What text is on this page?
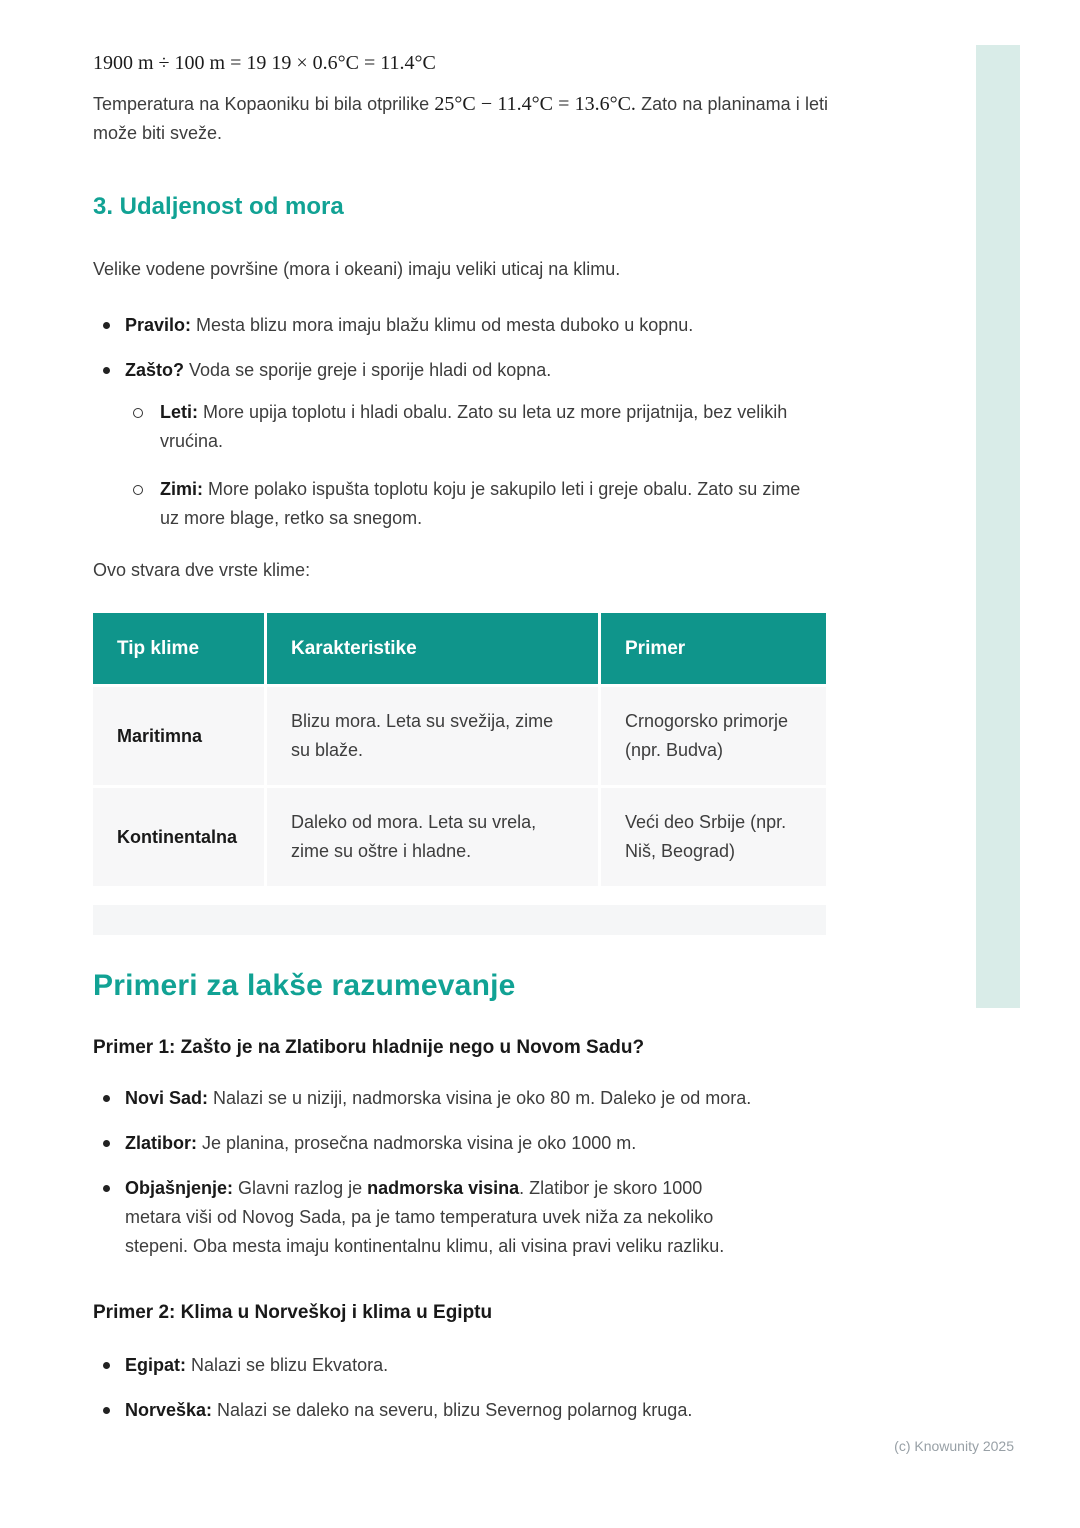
1900 m ÷ 100 m = 19 19 × 0.6°C = 11.4°C

Temperatura na Kopaoniku bi bila otprilike 25°C − 11.4°C = 13.6°C. Zato na planinama i leti može biti sveže.

3. Udaljenost od mora

Velike vodene površine (mora i okeani) imaju veliki uticaj na klimu.

Pravilo: Mesta blizu mora imaju blažu klimu od mesta duboko u kopnu.
Zašto? Voda se sporije greje i sporije hladi od kopna.
Leti: More upija toplotu i hladi obalu. Zato su leta uz more prijatnija, bez velikih vrućina.
Zimi: More polako ispušta toplotu koju je sakupilo leti i greje obalu. Zato su zime uz more blage, retko sa snegom.

Ovo stvara dve vrste klime:

Tip klime	Karakteristike	Primer
Maritimna	Blizu mora. Leta su svežija, zime su blaže.	Crnogorsko primorje (npr. Budva)
Kontinentalna	Daleko od mora. Leta su vrela, zime su oštre i hladne.	Veći deo Srbije (npr. Niš, Beograd)
Primeri za lakše razumevanje
Primer 1: Zašto je na Zlatiboru hladnije nego u Novom Sadu?
Novi Sad: Nalazi se u niziji, nadmorska visina je oko 80 m. Daleko je od mora.
Zlatibor: Je planina, prosečna nadmorska visina je oko 1000 m.
Objašnjenje: Glavni razlog je nadmorska visina. Zlatibor je skoro 1000 metara viši od Novog Sada, pa je tamo temperatura uvek niža za nekoliko stepeni. Oba mesta imaju kontinentalnu klimu, ali visina pravi veliku razliku.
Primer 2: Klima u Norveškoj i klima u Egiptu
Egipat: Nalazi se blizu Ekvatora.
Norveška: Nalazi se daleko na severu, blizu Severnog polarnog kruga.
(c) Knowunity 2025
